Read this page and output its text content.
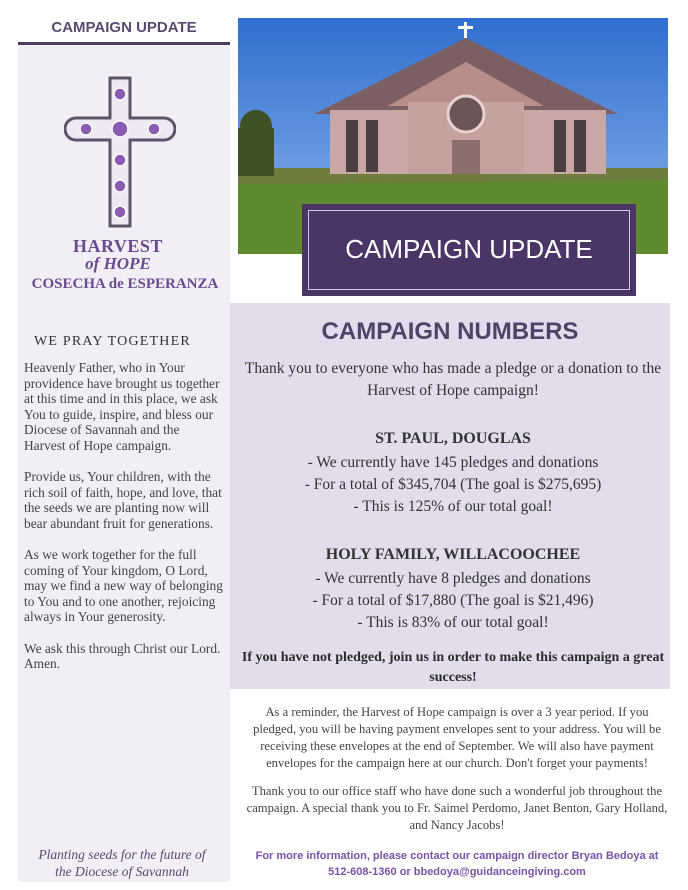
CAMPAIGN UPDATE
HARVEST
of HOPE
COSECHA de ESPERANZA
WE PRAY TOGETHER

Heavenly Father, who in Your providence have brought us together at this time and in this place, we ask You to guide, inspire, and bless our Diocese of Savannah and the Harvest of Hope campaign.

Provide us, Your children, with the rich soil of faith, hope, and love, that the seeds we are planting now will bear abundant fruit for generations.

As we work together for the full coming of Your kingdom, O Lord, may we find a new way of belonging to You and to one another, rejoicing always in Your generosity.

We ask this through Christ our Lord. Amen.

Planting seeds for the future of
the Diocese of Savannah
CAMPAIGN UPDATE
CAMPAIGN NUMBERS
Thank you to everyone who has made a pledge or a donation to the Harvest of Hope campaign!
ST. PAUL, DOUGLAS
- We currently have 145 pledges and donations
- For a total of $345,704 (The goal is $275,695)
- This is 125% of our total goal!
HOLY FAMILY, WILLACOOCHEE
- We currently have 8 pledges and donations
- For a total of $17,880 (The goal is $21,496)
- This is 83% of our total goal!
If you have not pledged, join us in order to make this campaign a great success!
As a reminder, the Harvest of Hope campaign is over a 3 year period. If you pledged, you will be having payment envelopes sent to your address. You will be receiving these envelopes at the end of September. We will also have payment envelopes for the campaign here at our church. Don't forget your payments!
Thank you to our office staff who have done such a wonderful job throughout the campaign. A special thank you to Fr. Saimel Perdomo, Janet Benton, Gary Holland, and Nancy Jacobs!
For more information, please contact our campaign director Bryan Bedoya at
512-608-1360 or bbedoya@guidanceingiving.com
